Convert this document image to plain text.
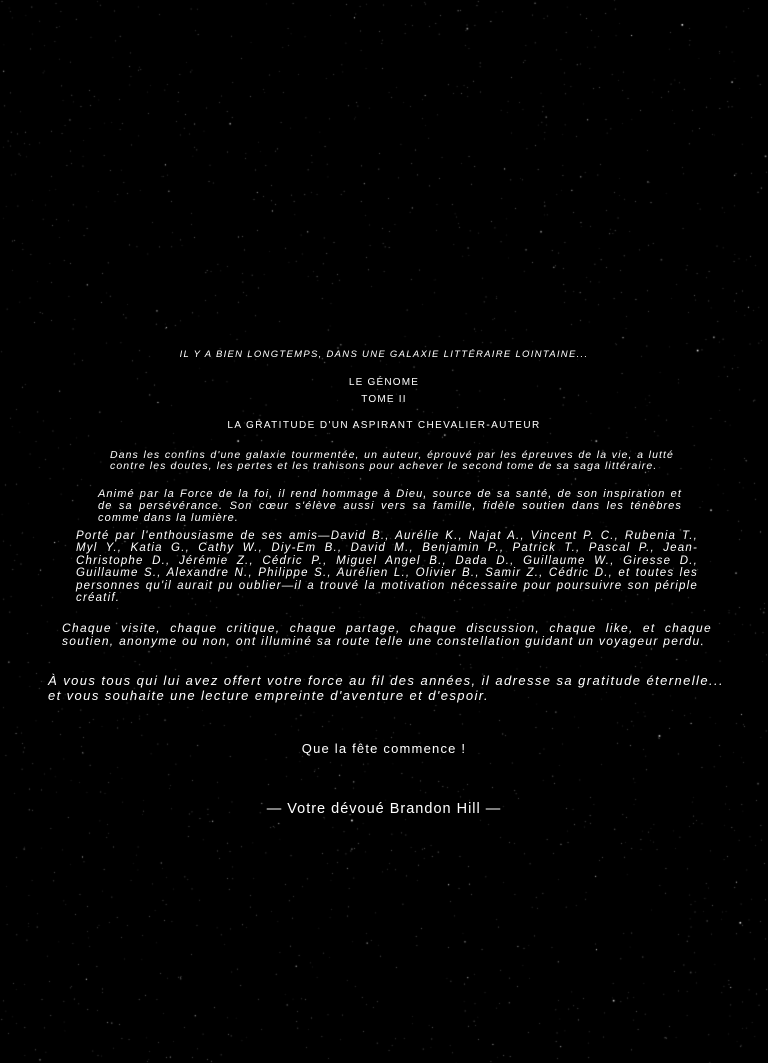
IL Y A BIEN LONGTEMPS, DANS UNE GALAXIE LITTÉRAIRE LOINTAINE...
LE GÉNOME
TOME II
LA GRATITUDE D'UN ASPIRANT CHEVALIER-AUTEUR

Dans les confins d'une galaxie tourmentée, un auteur, éprouvé par les épreuves de la vie, a lutté contre les doutes, les pertes et les trahisons pour achever le second tome de sa saga littéraire.

Animé par la Force de la foi, il rend hommage à Dieu, source de sa santé, de son inspiration et de sa persévérance. Son cœur s'élève aussi vers sa famille, fidèle soutien dans les ténèbres comme dans la lumière.

Porté par l'enthousiasme de ses amis—David B., Aurélie K., Najat A., Vincent P. C., Rubenia T., Myl Y., Katia G., Cathy W., Diy-Em B., David M., Benjamin P., Patrick T., Pascal P., Jean-Christophe D., Jérémie Z., Cédric P., Miguel Angel B., Dada D., Guillaume W., Giresse D., Guillaume S., Alexandre N., Philippe S., Aurélien L., Olivier B., Samir Z., Cédric D., et toutes les personnes qu'il aurait pu oublier—il a trouvé la motivation nécessaire pour poursuivre son périple créatif.

Chaque visite, chaque critique, chaque partage, chaque discussion, chaque like, et chaque soutien, anonyme ou non, ont illuminé sa route telle une constellation guidant un voyageur perdu.

À vous tous qui lui avez offert votre force au fil des années, il adresse sa gratitude éternelle... et vous souhaite une lecture empreinte d'aventure et d'espoir.

Que la fête commence !
— Votre dévoué Brandon Hill —
